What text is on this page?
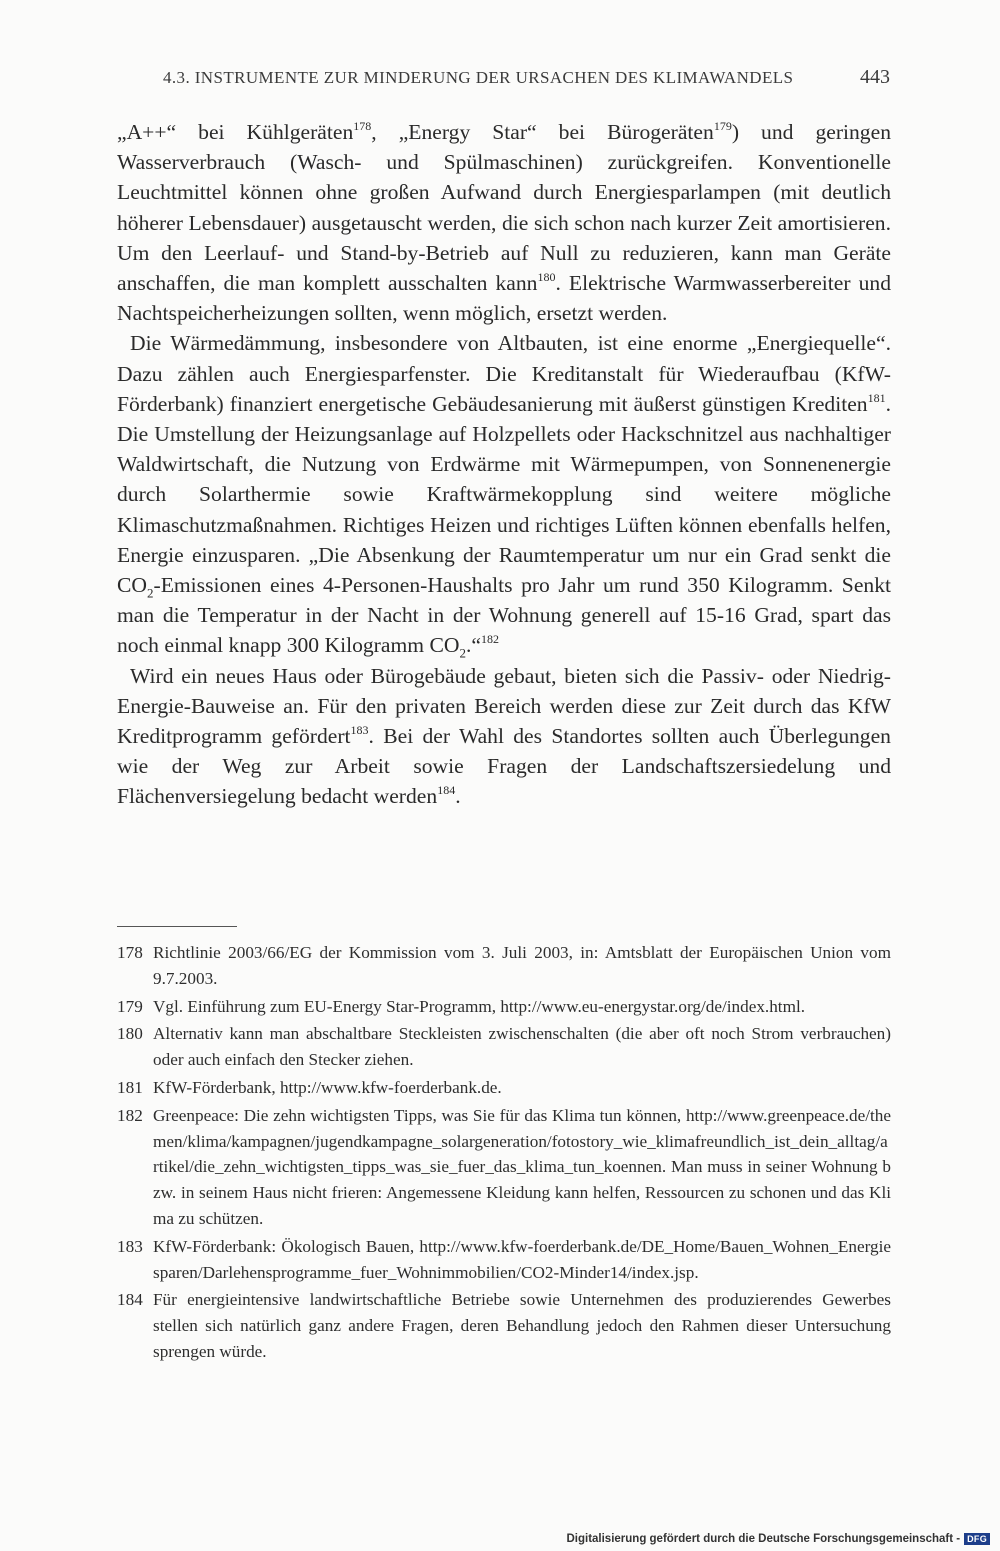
4.3. INSTRUMENTE ZUR MINDERUNG DER URSACHEN DES KLIMAWANDELS	443

„A++“ bei Kühlgeräten$^{178}$, „Energy Star“ bei Bürogeräten$^{179}$) und geringen Wasserverbrauch (Wasch- und Spülmaschinen) zurückgreifen. Konventionelle Leuchtmittel können ohne großen Aufwand durch Energiesparlampen (mit deutlich höherer Lebensdauer) ausgetauscht werden, die sich schon nach kurzer Zeit amortisieren. Um den Leerlauf- und Stand-by-Betrieb auf Null zu reduzieren, kann man Geräte anschaffen, die man komplett ausschalten kann$^{180}$. Elektrische Warmwasserbereiter und Nachtspeicherheizungen sollten, wenn möglich, ersetzt werden.

Die Wärmedämmung, insbesondere von Altbauten, ist eine enorme „Energiequelle“. Dazu zählen auch Energiesparfenster. Die Kreditanstalt für Wiederaufbau (KfW-Förderbank) finanziert energetische Gebäudesanierung mit äußerst günstigen Krediten$^{181}$. Die Umstellung der Heizungsanlage auf Holzpellets oder Hackschnitzel aus nachhaltiger Waldwirtschaft, die Nutzung von Erdwärme mit Wärmepumpen, von Sonnenenergie durch Solarthermie sowie Kraftwärmekopplung sind weitere mögliche Klimaschutzmaßnahmen. Richtiges Heizen und richtiges Lüften können ebenfalls helfen, Energie einzusparen. „Die Absenkung der Raumtemperatur um nur ein Grad senkt die $CO_2$-Emissionen eines 4-Personen-Haushalts pro Jahr um rund 350 Kilogramm. Senkt man die Temperatur in der Nacht in der Wohnung generell auf 15-16 Grad, spart das noch einmal knapp 300 Kilogramm $CO_2.“^{182}$

Wird ein neues Haus oder Bürogebäude gebaut, bieten sich die Passiv- oder Niedrig-Energie-Bauweise an. Für den privaten Bereich werden diese zur Zeit durch das KfW Kreditprogramm gefördert$^{183}$. Bei der Wahl des Standortes sollten auch Überlegungen wie der Weg zur Arbeit sowie Fragen der Landschaftszersiedelung und Flächenversiegelung bedacht werden$^{184}$.

178 Richtlinie 2003/66/EG der Kommission vom 3. Juli 2003, in: Amtsblatt der Europäischen Union vom 9.7.2003.
179 Vgl. Einführung zum EU-Energy Star-Programm, http://www.eu-energystar.org/de/index.html.
180 Alternativ kann man abschaltbare Steckleisten zwischenschalten (die aber oft noch Strom verbrauchen) oder auch einfach den Stecker ziehen.
181 KfW-Förderbank, http://www.kfw-foerderbank.de.
182 Greenpeace: Die zehn wichtigsten Tipps, was Sie für das Klima tun können, http://www.greenpeace.de/themen/klima/kampagnen/jugendkampagne_solargeneration/fotostory_wie_klimafreundlich_ist_dein_alltag/artikel/die_zehn_wichtigsten_tipps_was_sie_fuer_das_klima_tun_koennen. Man muss in seiner Wohnung bzw. in seinem Haus nicht frieren: Angemessene Kleidung kann helfen, Ressourcen zu schonen und das Klima zu schützen.
183 KfW-Förderbank: Ökologisch Bauen, http://www.kfw-foerderbank.de/DE_Home/Bauen_Wohnen_Energiesparen/Darlehensprogramme_fuer_Wohnimmobilien/CO2-Minder14/index.jsp.
184 Für energieintensive landwirtschaftliche Betriebe sowie Unternehmen des produzierendes Gewerbes stellen sich natürlich ganz andere Fragen, deren Behandlung jedoch den Rahmen dieser Untersuchung sprengen würde.
Digitalisierung gefördert durch die Deutsche Forschungsgemeinschaft - DFG
